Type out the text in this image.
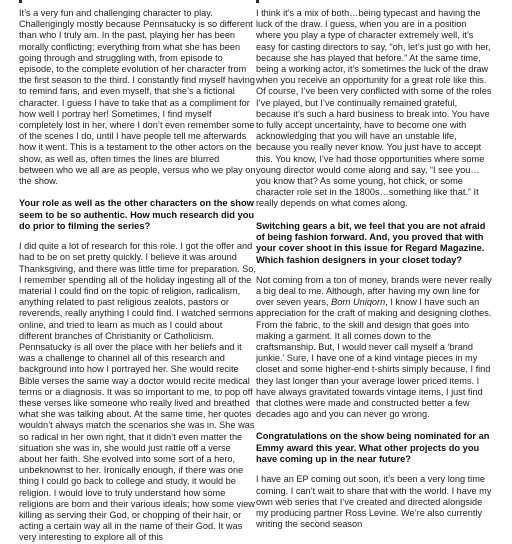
It’s a very fun and challenging character to play. Challengingly mostly because Pennsatucky is so different than who I truly am. In the past, playing her has been morally conflicting; everything from what she has been going through and struggling with, from episode to episode, to the complete evolution of her character from the first season to the third. I constantly find myself having to remind fans, and even myself, that she’s a fictional character. I guess I have to take that as a compliment for how well I portray her! Sometimes, I find myself completely lost in her, where I don’t even remember some of the scenes I do, until I have people tell me afterwards how it went. This is a testament to the other actors on the show, as well as, often times the lines are blurred between who we all are as people, versus who we play on the show.

Your role as well as the other characters on the show seem to be so authentic. How much research did you do prior to filming the series?

I did quite a lot of research for this role. I got the offer and had to be on set pretty quickly. I believe it was around Thanksgiving, and there was little time for preparation. So, I remember spending all of the holiday ingesting all of the material I could find on the topic of religion, radicalism, anything related to past religious zealots, pastors or reverends, really anything I could find. I watched sermons online, and tried to learn as much as I could about different branches of Christianity or Catholicism. Pennsatucky is all over the place with her beliefs and it was a challenge to channel all of this research and background into how I portrayed her. She would recite Bible verses the same way a doctor would recite medical terms or a diagnosis. It was so important to me, to pop off these verses like someone who really lived and breathed what she was talking about. At the same time, her quotes wouldn’t always match the scenarios she was in. She was so radical in her own right, that it didn’t even matter the situation she was in, she would just rattle off a verse about her faith. She evolved into some sort of a hero, unbeknownst to her. Ironically enough, if there was one thing I could go back to college and study, it would be religion. I would love to truly understand how some religions are born and their various ideals; how some view killing as serving their God, or chopping of their hair, or acting a certain way all in the name of their God. It was very interesting to explore all of this

I think it’s a mix of both…being typecast and having the luck of the draw. I guess, when you are in a position where you play a type of character extremely well, it’s easy for casting directors to say, “oh, let’s just go with her, because she has played that before.” At the same time, being a working actor, it’s sometimes the luck of the draw when you receive an opportunity for a great role like this. Of course, I’ve been very conflicted with some of the roles I’ve played, but I’ve continually remained grateful, because it’s such a hard business to break into. You have to fully accept uncertainty, have to become one with acknowledging that you will have an unstable life, because you really never know. You just have to accept this. You know, I’ve had those opportunities where some young director would come along and say, “I see you…you know that? As some young, hot chick, or some character role set in the 1800s…something like that.” It really depends on what comes along.

Switching gears a bit, we feel that you are not afraid of being fashion forward. And, you proved that with your cover shoot in this issue for Regard Magazine. Which fashion designers in your closet today?

Not coming from a ton of money, brands were never really a big deal to me. Although, after having my own line for over seven years, Born Uniqorn, I know I have such an appreciation for the craft of making and designing clothes. From the fabric, to the skill and design that goes into making a garment. It all comes down to the craftsmanship. But, I would never call myself a ‘brand junkie.’ Sure, I have one of a kind vintage pieces in my closet and some higher-end t-shirts simply because, I find they last longer than your average lower priced items. I have always gravitated towards vintage items, I just find that clothes were made and constructed better a few decades ago and you can never go wrong.

Congratulations on the show being nominated for an Emmy award this year. What other projects do you have coming up in the near future?

I have an EP coming out soon, it’s been a very long time coming. I can’t wait to share that with the world. I have my own web series that I’ve created and directed alongside my producing partner Ross Levine. We’re also currently writing the second season
